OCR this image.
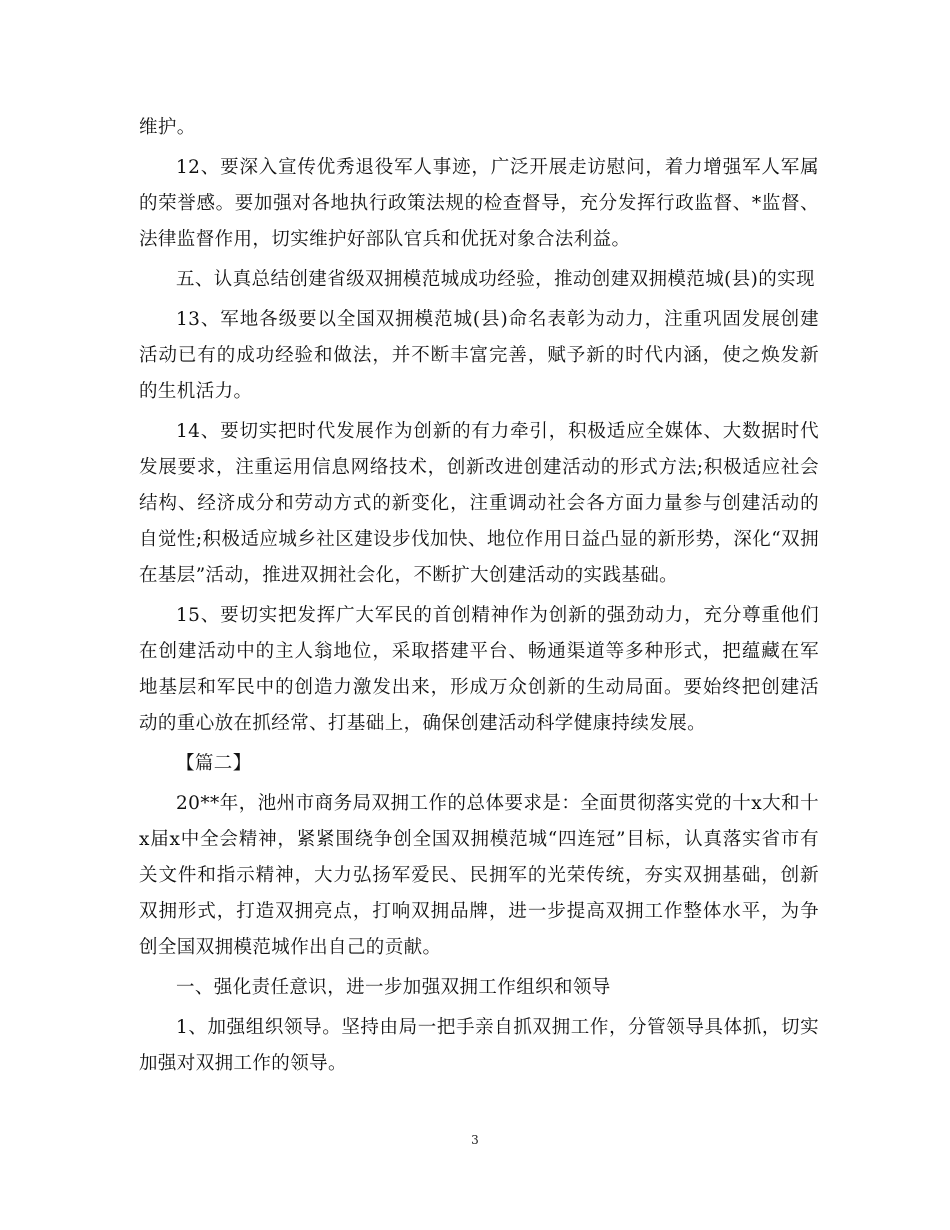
维护。

12、要深入宣传优秀退役军人事迹，广泛开展走访慰问，着力增强军人军属的荣誉感。要加强对各地执行政策法规的检查督导，充分发挥行政监督、*监督、法律监督作用，切实维护好部队官兵和优抚对象合法利益。

五、认真总结创建省级双拥模范城成功经验，推动创建双拥模范城(县)的实现

13、军地各级要以全国双拥模范城(县)命名表彰为动力，注重巩固发展创建活动已有的成功经验和做法，并不断丰富完善，赋予新的时代内涵，使之焕发新的生机活力。

14、要切实把时代发展作为创新的有力牵引，积极适应全媒体、大数据时代发展要求，注重运用信息网络技术，创新改进创建活动的形式方法;积极适应社会结构、经济成分和劳动方式的新变化，注重调动社会各方面力量参与创建活动的自觉性;积极适应城乡社区建设步伐加快、地位作用日益凸显的新形势，深化“双拥在基层”活动，推进双拥社会化，不断扩大创建活动的实践基础。

15、要切实把发挥广大军民的首创精神作为创新的强劲动力，充分尊重他们在创建活动中的主人翁地位，采取搭建平台、畅通渠道等多种形式，把蕴藏在军地基层和军民中的创造力激发出来，形成万众创新的生动局面。要始终把创建活动的重心放在抓经常、打基础上，确保创建活动科学健康持续发展。

【篇二】

20**年，池州市商务局双拥工作的总体要求是：全面贯彻落实党的十x大和十x届x中全会精神，紧紧围绕争创全国双拥模范城“四连冠”目标，认真落实省市有关文件和指示精神，大力弘扬军爱民、民拥军的光荣传统，夯实双拥基础，创新双拥形式，打造双拥亮点，打响双拥品牌，进一步提高双拥工作整体水平，为争创全国双拥模范城作出自己的贡献。

一、强化责任意识，进一步加强双拥工作组织和领导

1、加强组织领导。坚持由局一把手亲自抓双拥工作，分管领导具体抓，切实加强对双拥工作的领导。

3
